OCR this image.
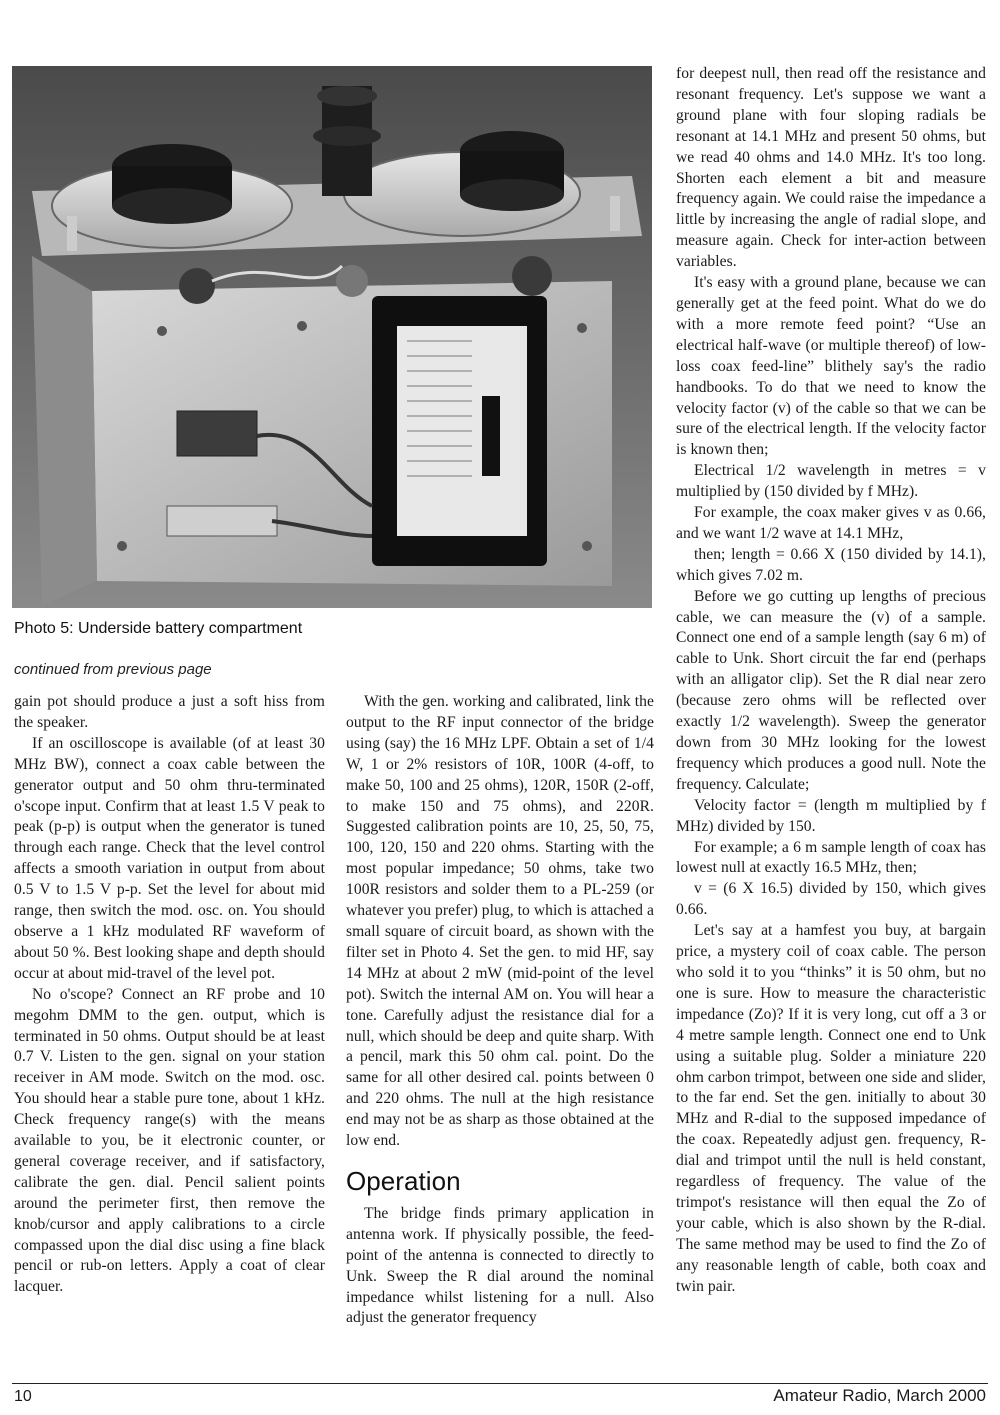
Photo 5: Underside battery compartment
continued from previous page

gain pot should produce a just a soft hiss from the speaker.

If an oscilloscope is available (of at least 30 MHz BW), connect a coax cable between the generator output and 50 ohm thru-terminated o'scope input. Confirm that at least 1.5 V peak to peak (p-p) is output when the generator is tuned through each range. Check that the level control affects a smooth variation in output from about 0.5 V to 1.5 V p-p. Set the level for about mid range, then switch the mod. osc. on. You should observe a 1 kHz modulated RF waveform of about 50 %. Best looking shape and depth should occur at about mid-travel of the level pot.

No o'scope? Connect an RF probe and 10 megohm DMM to the gen. output, which is terminated in 50 ohms. Output should be at least 0.7 V. Listen to the gen. signal on your station receiver in AM mode. Switch on the mod. osc. You should hear a stable pure tone, about 1 kHz. Check frequency range(s) with the means available to you, be it electronic counter, or general coverage receiver, and if satisfactory, calibrate the gen. dial. Pencil salient points around the perimeter first, then remove the knob/cursor and apply calibrations to a circle compassed upon the dial disc using a fine black pencil or rub-on letters. Apply a coat of clear lacquer.

With the gen. working and calibrated, link the output to the RF input connector of the bridge using (say) the 16 MHz LPF. Obtain a set of 1/4 W, 1 or 2% resistors of 10R, 100R (4-off, to make 50, 100 and 25 ohms), 120R, 150R (2-off, to make 150 and 75 ohms), and 220R. Suggested calibration points are 10, 25, 50, 75, 100, 120, 150 and 220 ohms. Starting with the most popular impedance; 50 ohms, take two 100R resistors and solder them to a PL-259 (or whatever you prefer) plug, to which is attached a small square of circuit board, as shown with the filter set in Photo 4. Set the gen. to mid HF, say 14 MHz at about 2 mW (mid-point of the level pot). Switch the internal AM on. You will hear a tone. Carefully adjust the resistance dial for a null, which should be deep and quite sharp. With a pencil, mark this 50 ohm cal. point. Do the same for all other desired cal. points between 0 and 220 ohms. The null at the high resistance end may not be as sharp as those obtained at the low end.

Operation

The bridge finds primary application in antenna work. If physically possible, the feed-point of the antenna is connected to directly to Unk. Sweep the R dial around the nominal impedance whilst listening for a null. Also adjust the generator frequency

for deepest null, then read off the resistance and resonant frequency. Let's suppose we want a ground plane with four sloping radials be resonant at 14.1 MHz and present 50 ohms, but we read 40 ohms and 14.0 MHz. It's too long. Shorten each element a bit and measure frequency again. We could raise the impedance a little by increasing the angle of radial slope, and measure again. Check for inter-action between variables.

It's easy with a ground plane, because we can generally get at the feed point. What do we do with a more remote feed point? “Use an electrical half-wave (or multiple thereof) of low-loss coax feed-line” blithely say's the radio handbooks. To do that we need to know the velocity factor (v) of the cable so that we can be sure of the electrical length. If the velocity factor is known then;

Electrical 1/2 wavelength in metres = v multiplied by (150 divided by f MHz).

For example, the coax maker gives v as 0.66, and we want 1/2 wave at 14.1 MHz,

then; length = 0.66 X (150 divided by 14.1), which gives 7.02 m.

Before we go cutting up lengths of precious cable, we can measure the (v) of a sample. Connect one end of a sample length (say 6 m) of cable to Unk. Short circuit the far end (perhaps with an alligator clip). Set the R dial near zero (because zero ohms will be reflected over exactly 1/2 wavelength). Sweep the generator down from 30 MHz looking for the lowest frequency which produces a good null. Note the frequency. Calculate;

Velocity factor = (length m multiplied by f MHz) divided by 150.

For example; a 6 m sample length of coax has lowest null at exactly 16.5 MHz, then;

v = (6 X 16.5) divided by 150, which gives 0.66.

Let's say at a hamfest you buy, at bargain price, a mystery coil of coax cable. The person who sold it to you “thinks” it is 50 ohm, but no one is sure. How to measure the characteristic impedance (Zo)? If it is very long, cut off a 3 or 4 metre sample length. Connect one end to Unk using a suitable plug. Solder a miniature 220 ohm carbon trimpot, between one side and slider, to the far end. Set the gen. initially to about 30 MHz and R-dial to the supposed impedance of the coax. Repeatedly adjust gen. frequency, R-dial and trimpot until the null is held constant, regardless of frequency. The value of the trimpot's resistance will then equal the Zo of your cable, which is also shown by the R-dial. The same method may be used to find the Zo of any reasonable length of cable, both coax and twin pair.

10	Amateur Radio, March 2000
